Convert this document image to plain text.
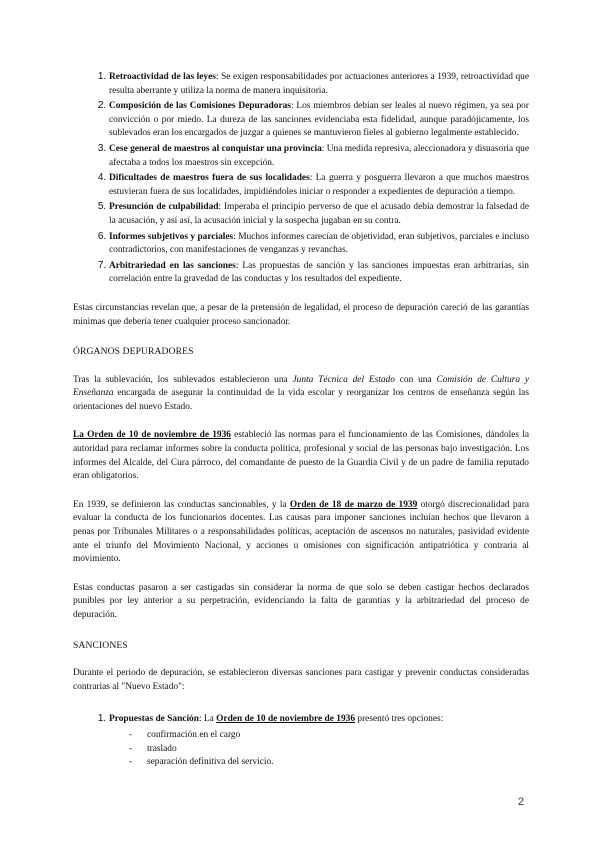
1. Retroactividad de las leyes: Se exigen responsabilidades por actuaciones anteriores a 1939, retroactividad que resulta aberrante y utiliza la norma de manera inquisitoria.
2. Composición de las Comisiones Depuradoras: Los miembros debían ser leales al nuevo régimen, ya sea por convicción o por miedo. La dureza de las sanciones evidenciaba esta fidelidad, aunque paradójicamente, los sublevados eran los encargados de juzgar a quienes se mantuvieron fieles al gobierno legalmente establecido.
3. Cese general de maestros al conquistar una provincia: Una medida represiva, aleccionadora y disuasoria que afectaba a todos los maestros sin excepción.
4. Dificultades de maestros fuera de sus localidades: La guerra y posguerra llevaron a que muchos maestros estuvieran fuera de sus localidades, impidiéndoles iniciar o responder a expedientes de depuración a tiempo.
5. Presunción de culpabilidad: Imperaba el principio perverso de que el acusado debía demostrar la falsedad de la acusación, y así así, la acusación inicial y la sospecha jugaban en su contra.
6. Informes subjetivos y parciales: Muchos informes carecían de objetividad, eran subjetivos, parciales e incluso contradictorios, con manifestaciones de venganzas y revanchas.
7. Arbitrariedad en las sanciones: Las propuestas de sanción y las sanciones impuestas eran arbitrarias, sin correlación entre la gravedad de las conductas y los resultados del expediente.

Estas circunstancias revelan que, a pesar de la pretensión de legalidad, el proceso de depuración careció de las garantías mínimas que debería tener cualquier proceso sancionador.

ÓRGANOS DEPURADORES

Tras la sublevación, los sublevados establecieron una Junta Técnica del Estado con una Comisión de Cultura y Enseñanza encargada de asegurar la continuidad de la vida escolar y reorganizar los centros de enseñanza según las orientaciones del nuevo Estado.

La Orden de 10 de noviembre de 1936 estableció las normas para el funcionamiento de las Comisiones, dándoles la autoridad para reclamar informes sobre la conducta política, profesional y social de las personas bajo investigación. Los informes del Alcalde, del Cura párroco, del comandante de puesto de la Guardia Civil y de un padre de familia reputado eran obligatorios.

En 1939, se definieron las conductas sancionables, y la Orden de 18 de marzo de 1939 otorgó discrecionalidad para evaluar la conducta de los funcionarios docentes. Las causas para imponer sanciones incluían hechos que llevaron a penas por Tribunales Militares o a responsabilidades políticas, aceptación de ascensos no naturales, pasividad evidente ante el triunfo del Movimiento Nacional, y acciones u omisiones con significación antipatriótica y contraria al movimiento.

Estas conductas pasaron a ser castigadas sin considerar la norma de que solo se deben castigar hechos declarados punibles por ley anterior a su perpetración, evidenciando la falta de garantías y la arbitrariedad del proceso de depuración.

SANCIONES

Durante el periodo de depuración, se establecieron diversas sanciones para castigar y prevenir conductas consideradas contrarias al "Nuevo Estado":

1. Propuestas de Sanción: La Orden de 10 de noviembre de 1936 presentó tres opciones:
- confirmación en el cargo
- traslado
- separación definitiva del servicio.
2
